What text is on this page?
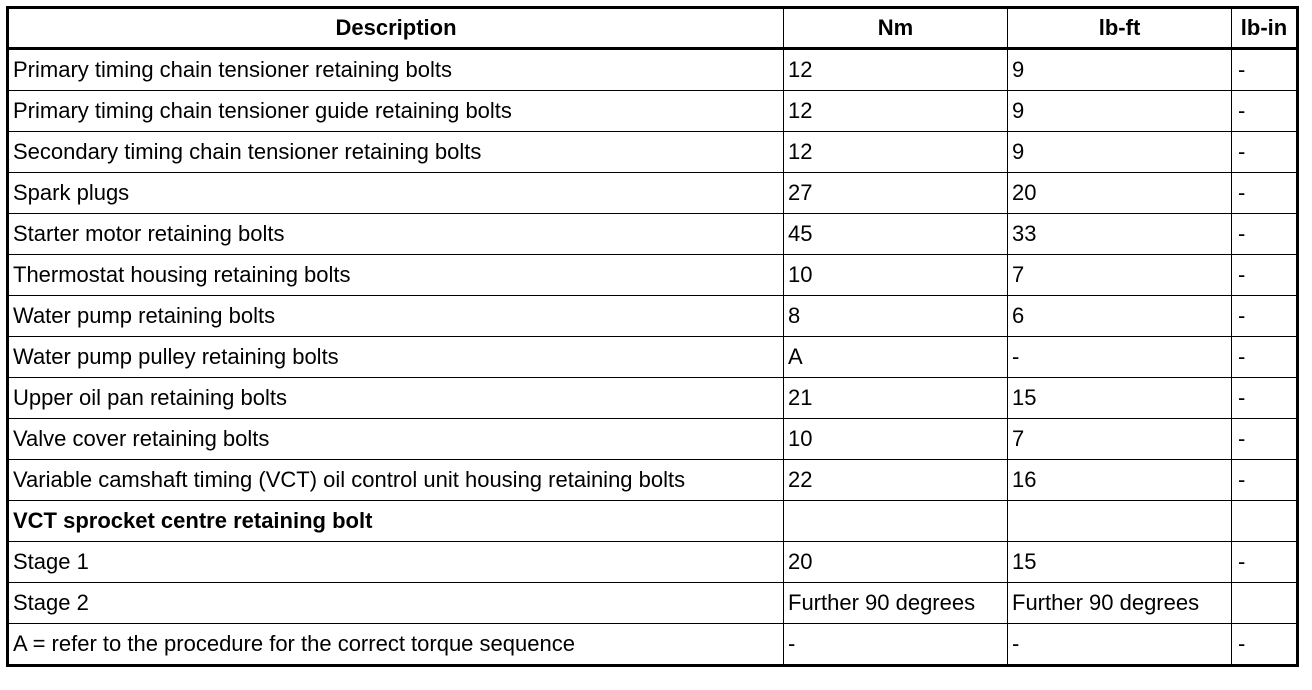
Description	Nm	lb-ft	lb-in
Primary timing chain tensioner retaining bolts	12	9	-
Primary timing chain tensioner guide retaining bolts	12	9	-
Secondary timing chain tensioner retaining bolts	12	9	-
Spark plugs	27	20	-
Starter motor retaining bolts	45	33	-
Thermostat housing retaining bolts	10	7	-
Water pump retaining bolts	8	6	-
Water pump pulley retaining bolts	A	-	-
Upper oil pan retaining bolts	21	15	-
Valve cover retaining bolts	10	7	-
Variable camshaft timing (VCT) oil control unit housing retaining bolts	22	16	-
VCT sprocket centre retaining bolt			
Stage 1	20	15	-
Stage 2	Further 90 degrees	Further 90 degrees	
A = refer to the procedure for the correct torque sequence	-	-	-
